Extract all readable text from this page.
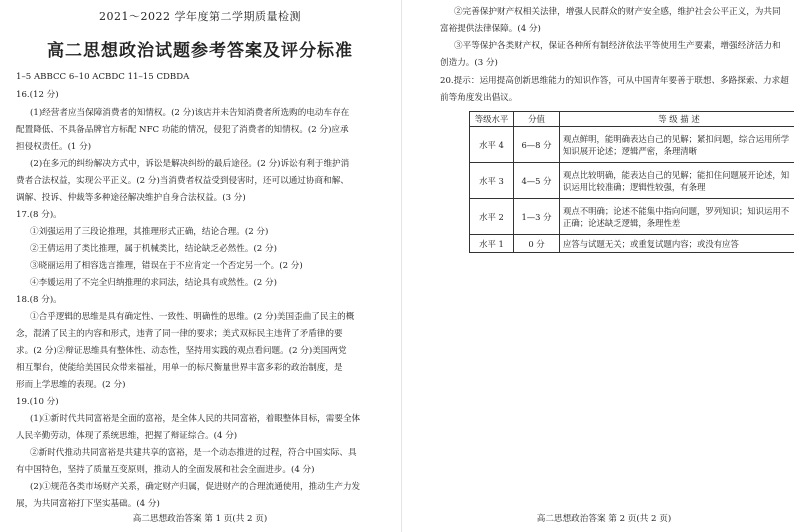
2021～2022 学年度第二学期质量检测
高二思想政治试题参考答案及评分标准
1–5 ABBCC 6–10 ACBDC 11–15 CDBDA
16.(12 分)
(1)经营者应当保障消费者的知情权。(2 分)该店并未告知消费者所选购的电动车存在
配置降低、不具备品牌官方标配 NFC 功能的情况，侵犯了消费者的知情权。(2 分)应承
担侵权责任。(1 分)
(2)在多元的纠纷解决方式中，诉讼是解决纠纷的最后途径。(2 分)诉讼有利于维护消
费者合法权益，实现公平正义。(2 分)当消费者权益受到侵害时，还可以通过协商和解、
调解、投诉、仲裁等多种途径解决维护自身合法权益。(3 分)
17.(8 分)。
①刘强运用了三段论推理，其推理形式正确，结论合理。(2 分)
②王倩运用了类比推理，属于机械类比，结论缺乏必然性。(2 分)
③晓丽运用了相容选言推理，错误在于不应肯定一个否定另一个。(2 分)
④李媛运用了不完全归纳推理的求同法，结论具有或然性。(2 分)
18.(8 分)。
①合乎逻辑的思维是具有确定性、一致性、明确性的思维。(2 分)美国歪曲了民主的概
念，混淆了民主的内容和形式，违背了同一律的要求；美式双标民主违背了矛盾律的要
求。(2 分)②辩证思维具有整体性、动态性，坚持用实践的观点看问题。(2 分)美国两党
相互掣台，使能给美国民众带来福祉，用单一的标尺衡量世界丰富多彩的政治制度，是
形而上学思维的表现。(2 分)
19.(10 分)
(1)①新时代共同富裕是全面的富裕，是全体人民的共同富裕，着眼整体目标，需要全体
人民辛勤劳动，体现了系统思维，把握了辩证综合。(4 分)
②新时代推动共同富裕是共建共享的富裕，是一个动态推进的过程，符合中国实际、具
有中国特色，坚持了质量互变原则，推动人的全面发展和社会全面进步。(4 分)
(2)①规范各类市场财产关系，确定财产归属，促进财产的合理流通使用，推动生产力发
展，为共同富裕打下坚实基础。(4 分)
高二思想政治答案 第 1 页(共 2 页)
②完善保护财产权相关法律，增强人民群众的财产安全感，维护社会公平正义，为共同
富裕提供法律保障。(4 分)
③平等保护各类财产权，保证各种所有制经济依法平等使用生产要素，增强经济活力和
创造力。(3 分)
20.提示：运用提高创新思维能力的知识作答，可从中国青年要善于联想、多路探索、力求超
前等角度发出倡议。
等级水平	分值	等 级 描 述
水平 4	6—8 分	观点鲜明，能明确表达自己的见解；紧扣问题，综合运用所学
知识展开论述；逻辑严密，条理清晰

水平 3	4—5 分	观点比较明确，能表达自己的见解；能扣住问题展开论述，知
识运用比较准确；逻辑性较强，有条理

水平 2	1—3 分	观点不明确；论述不能集中指向问题，罗列知识；知识运用不
正确；论述缺乏逻辑，条理性差

水平 1	0 分	应答与试题无关；或重复试题内容；或没有应答
高二思想政治答案 第 2 页(共 2 页)
